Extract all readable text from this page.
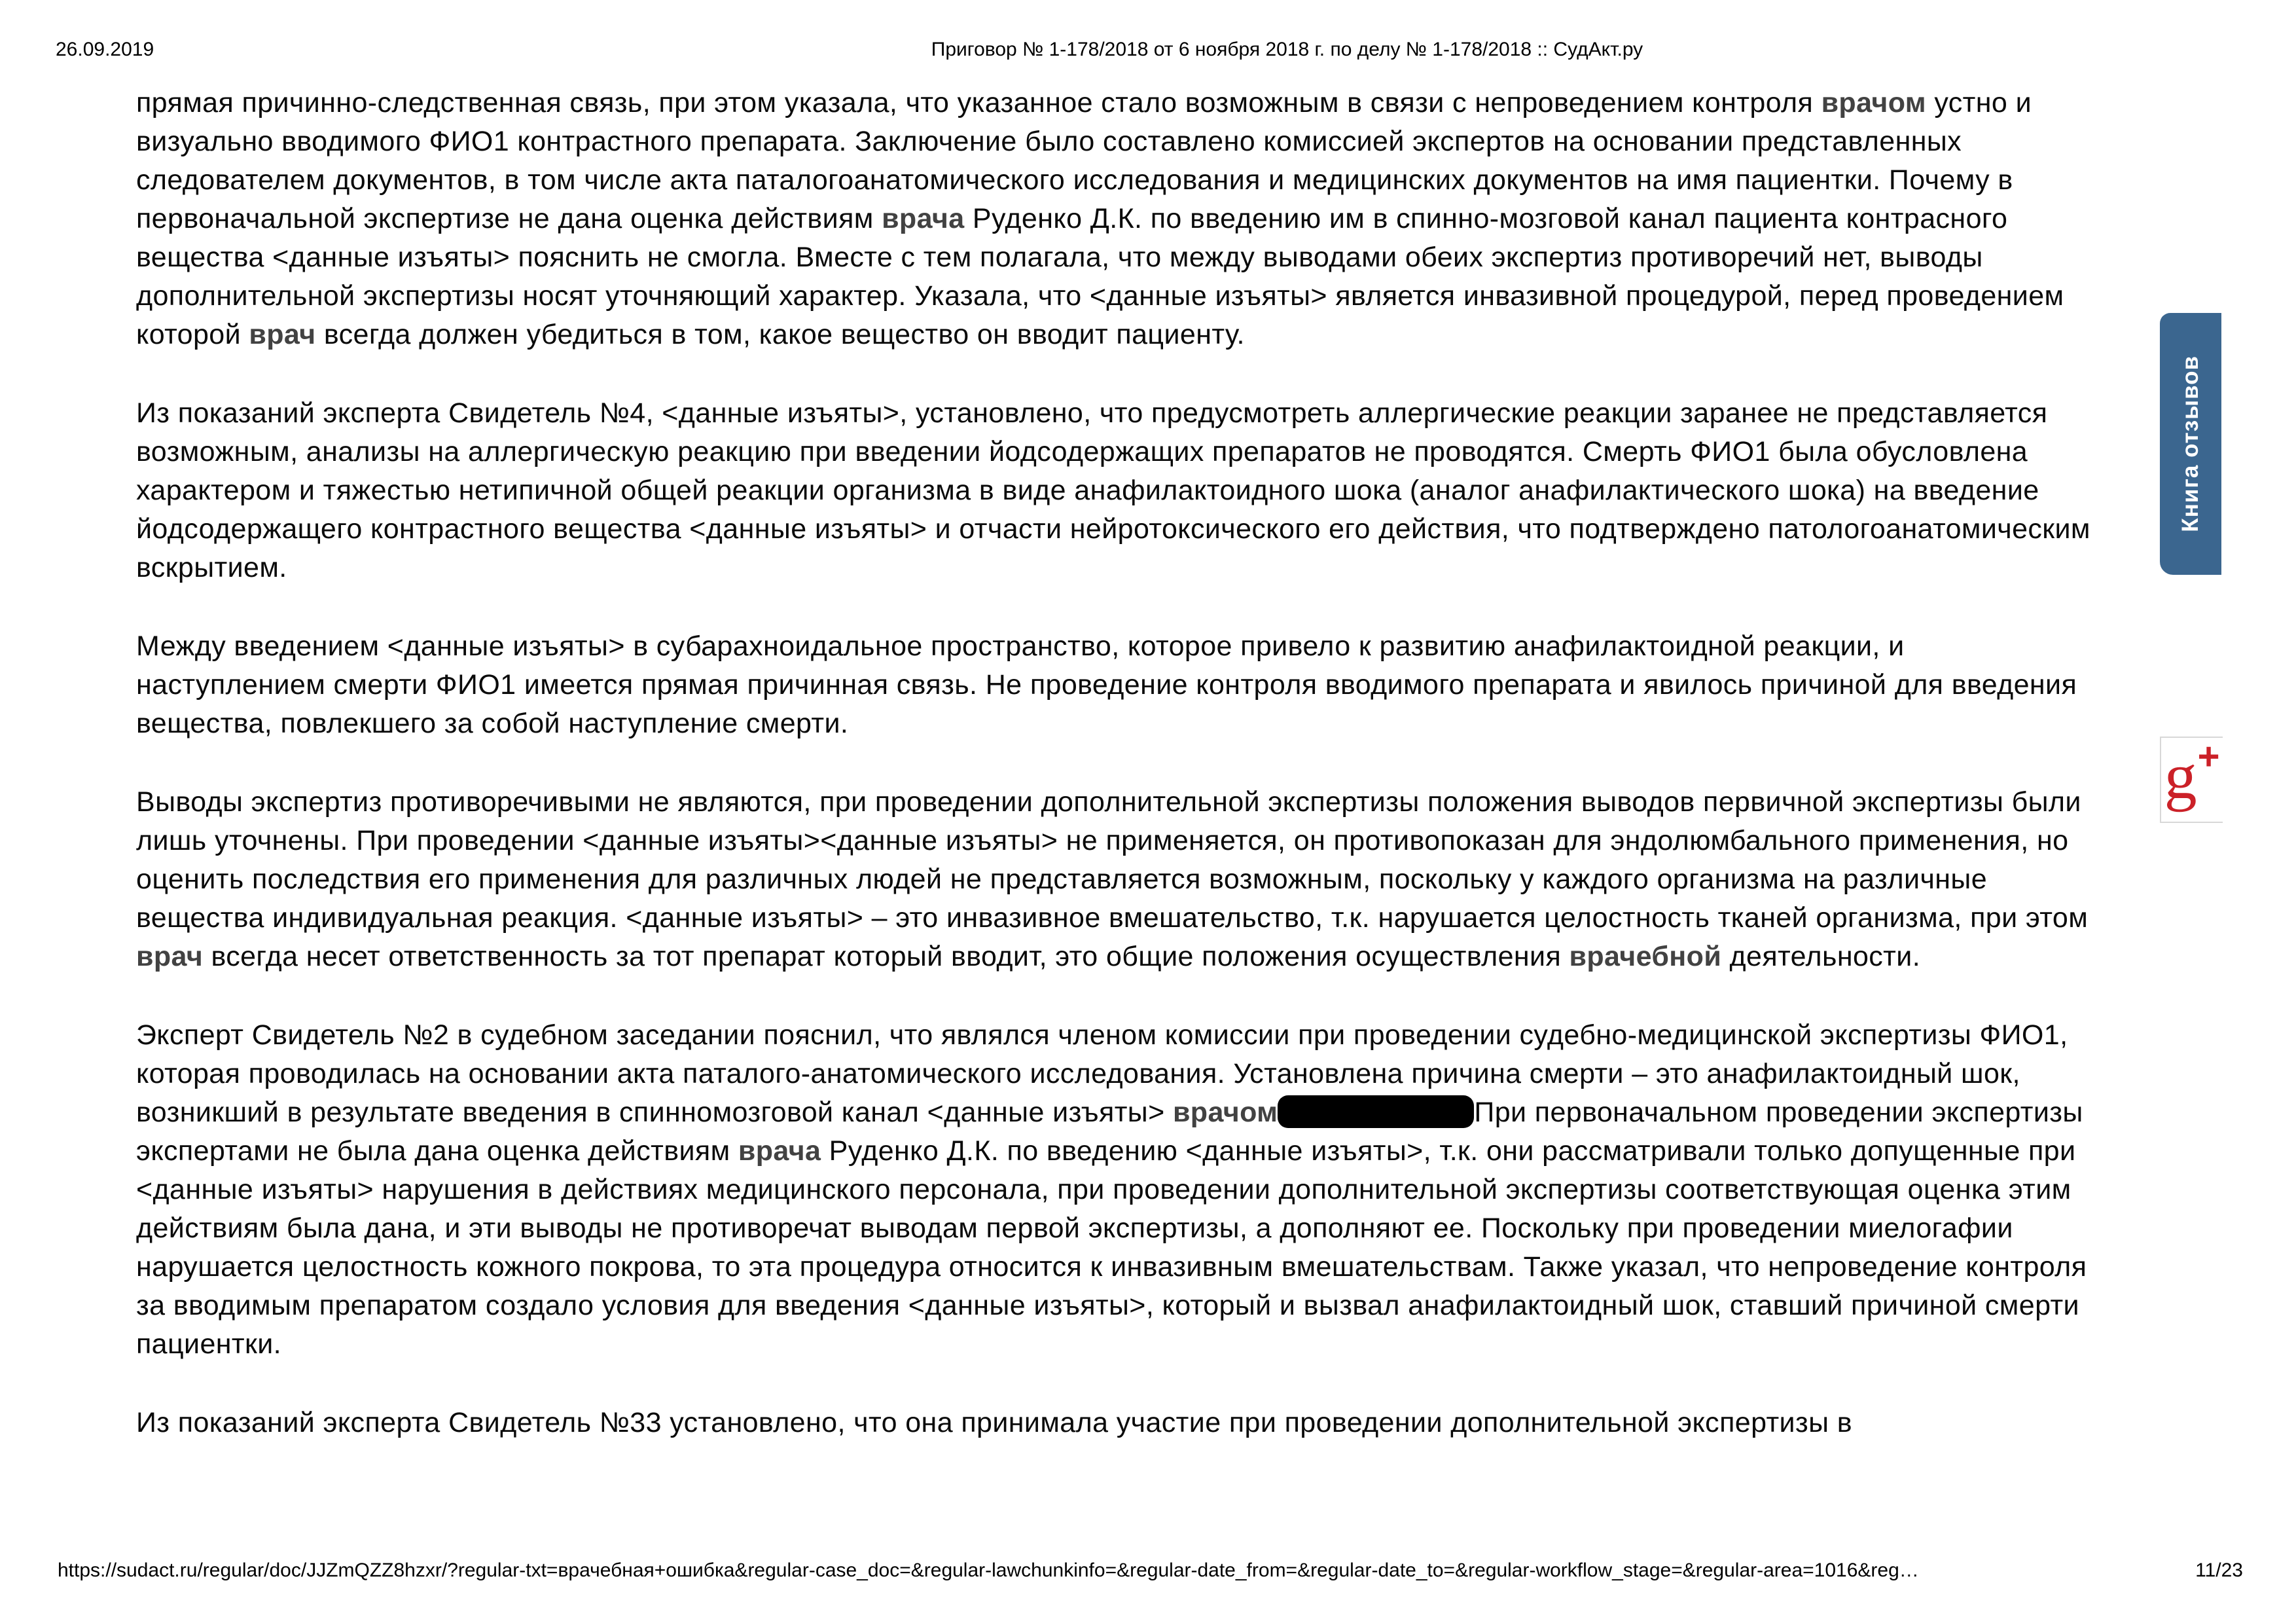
26.09.2019	Приговор № 1-178/2018 от 6 ноября 2018 г. по делу № 1-178/2018 :: СудАкт.ру

прямая причинно-следственная связь, при этом указала, что указанное стало возможным в связи с непроведением контроля врачом устно и визуально вводимого ФИО1 контрастного препарата. Заключение было составлено комиссией экспертов на основании представленных следователем документов, в том числе акта паталогоанатомического исследования и медицинских документов на имя пациентки. Почему в первоначальной экспертизе не дана оценка действиям врача Руденко Д.К. по введению им в спинно-мозговой канал пациента контрасного вещества <данные изъяты> пояснить не смогла. Вместе с тем полагала, что между выводами обеих экспертиз противоречий нет, выводы дополнительной экспертизы носят уточняющий характер. Указала, что <данные изъяты> является инвазивной процедурой, перед проведением которой врач всегда должен убедиться в том, какое вещество он вводит пациенту.

Из показаний эксперта Свидетель №4, <данные изъяты>, установлено, что предусмотреть аллергические реакции заранее не представляется возможным, анализы на аллергическую реакцию при введении йодсодержащих препаратов не проводятся. Смерть ФИО1 была обусловлена характером и тяжестью нетипичной общей реакции организма в виде анафилактоидного шока (аналог анафилактического шока) на введение йодсодержащего контрастного вещества <данные изъяты> и отчасти нейротоксического его действия, что подтверждено патологоанатомическим вскрытием.

Между введением <данные изъяты> в субарахноидальное пространство, которое привело к развитию анафилактоидной реакции, и наступлением смерти ФИО1 имеется прямая причинная связь. Не проведение контроля вводимого препарата и явилось причиной для введения вещества, повлекшего за собой наступление смерти.

Выводы экспертиз противоречивыми не являются, при проведении дополнительной экспертизы положения выводов первичной экспертизы были лишь уточнены. При проведении <данные изъяты><данные изъяты> не применяется, он противопоказан для эндолюмбального применения, но оценить последствия его применения для различных людей не представляется возможным, поскольку у каждого организма на различные вещества индивидуальная реакция. <данные изъяты> – это инвазивное вмешательство, т.к. нарушается целостность тканей организма, при этом врач всегда несет ответственность за тот препарат который вводит, это общие положения осуществления врачебной деятельности.

Эксперт Свидетель №2 в судебном заседании пояснил, что являлся членом комиссии при проведении судебно-медицинской экспертизы ФИО1, которая проводилась на основании акта паталого-анатомического исследования. Установлена причина смерти – это анафилактоидный шок, возникший в результате введения в спинномозговой канал <данные изъяты> врачом	При первоначальном проведении экспертизы экспертами не была дана оценка действиям врача Руденко Д.К. по введению <данные изъяты>, т.к. они рассматривали только допущенные при <данные изъяты> нарушения в действиях медицинского персонала, при проведении дополнительной экспертизы соответствующая оценка этим действиям была дана, и эти выводы не противоречат выводам первой экспертизы, а дополняют ее. Поскольку при проведении миелогафии нарушается целостность кожного покрова, то эта процедура относится к инвазивным вмешательствам. Также указал, что непроведение контроля за вводимым препаратом создало условия для введения <данные изъяты>, который и вызвал анафилактоидный шок, ставший причиной смерти пациентки.

Из показаний эксперта Свидетель №33 установлено, что она принимала участие при проведении дополнительной экспертизы в

Книга отзывов
g+
https://sudact.ru/regular/doc/JJZmQZZ8hzxr/?regular-txt=врачебная+ошибка&regular-case_doc=&regular-lawchunkinfo=&regular-date_from=&regular-date_to=&regular-workflow_stage=&regular-area=1016&reg…	11/23
